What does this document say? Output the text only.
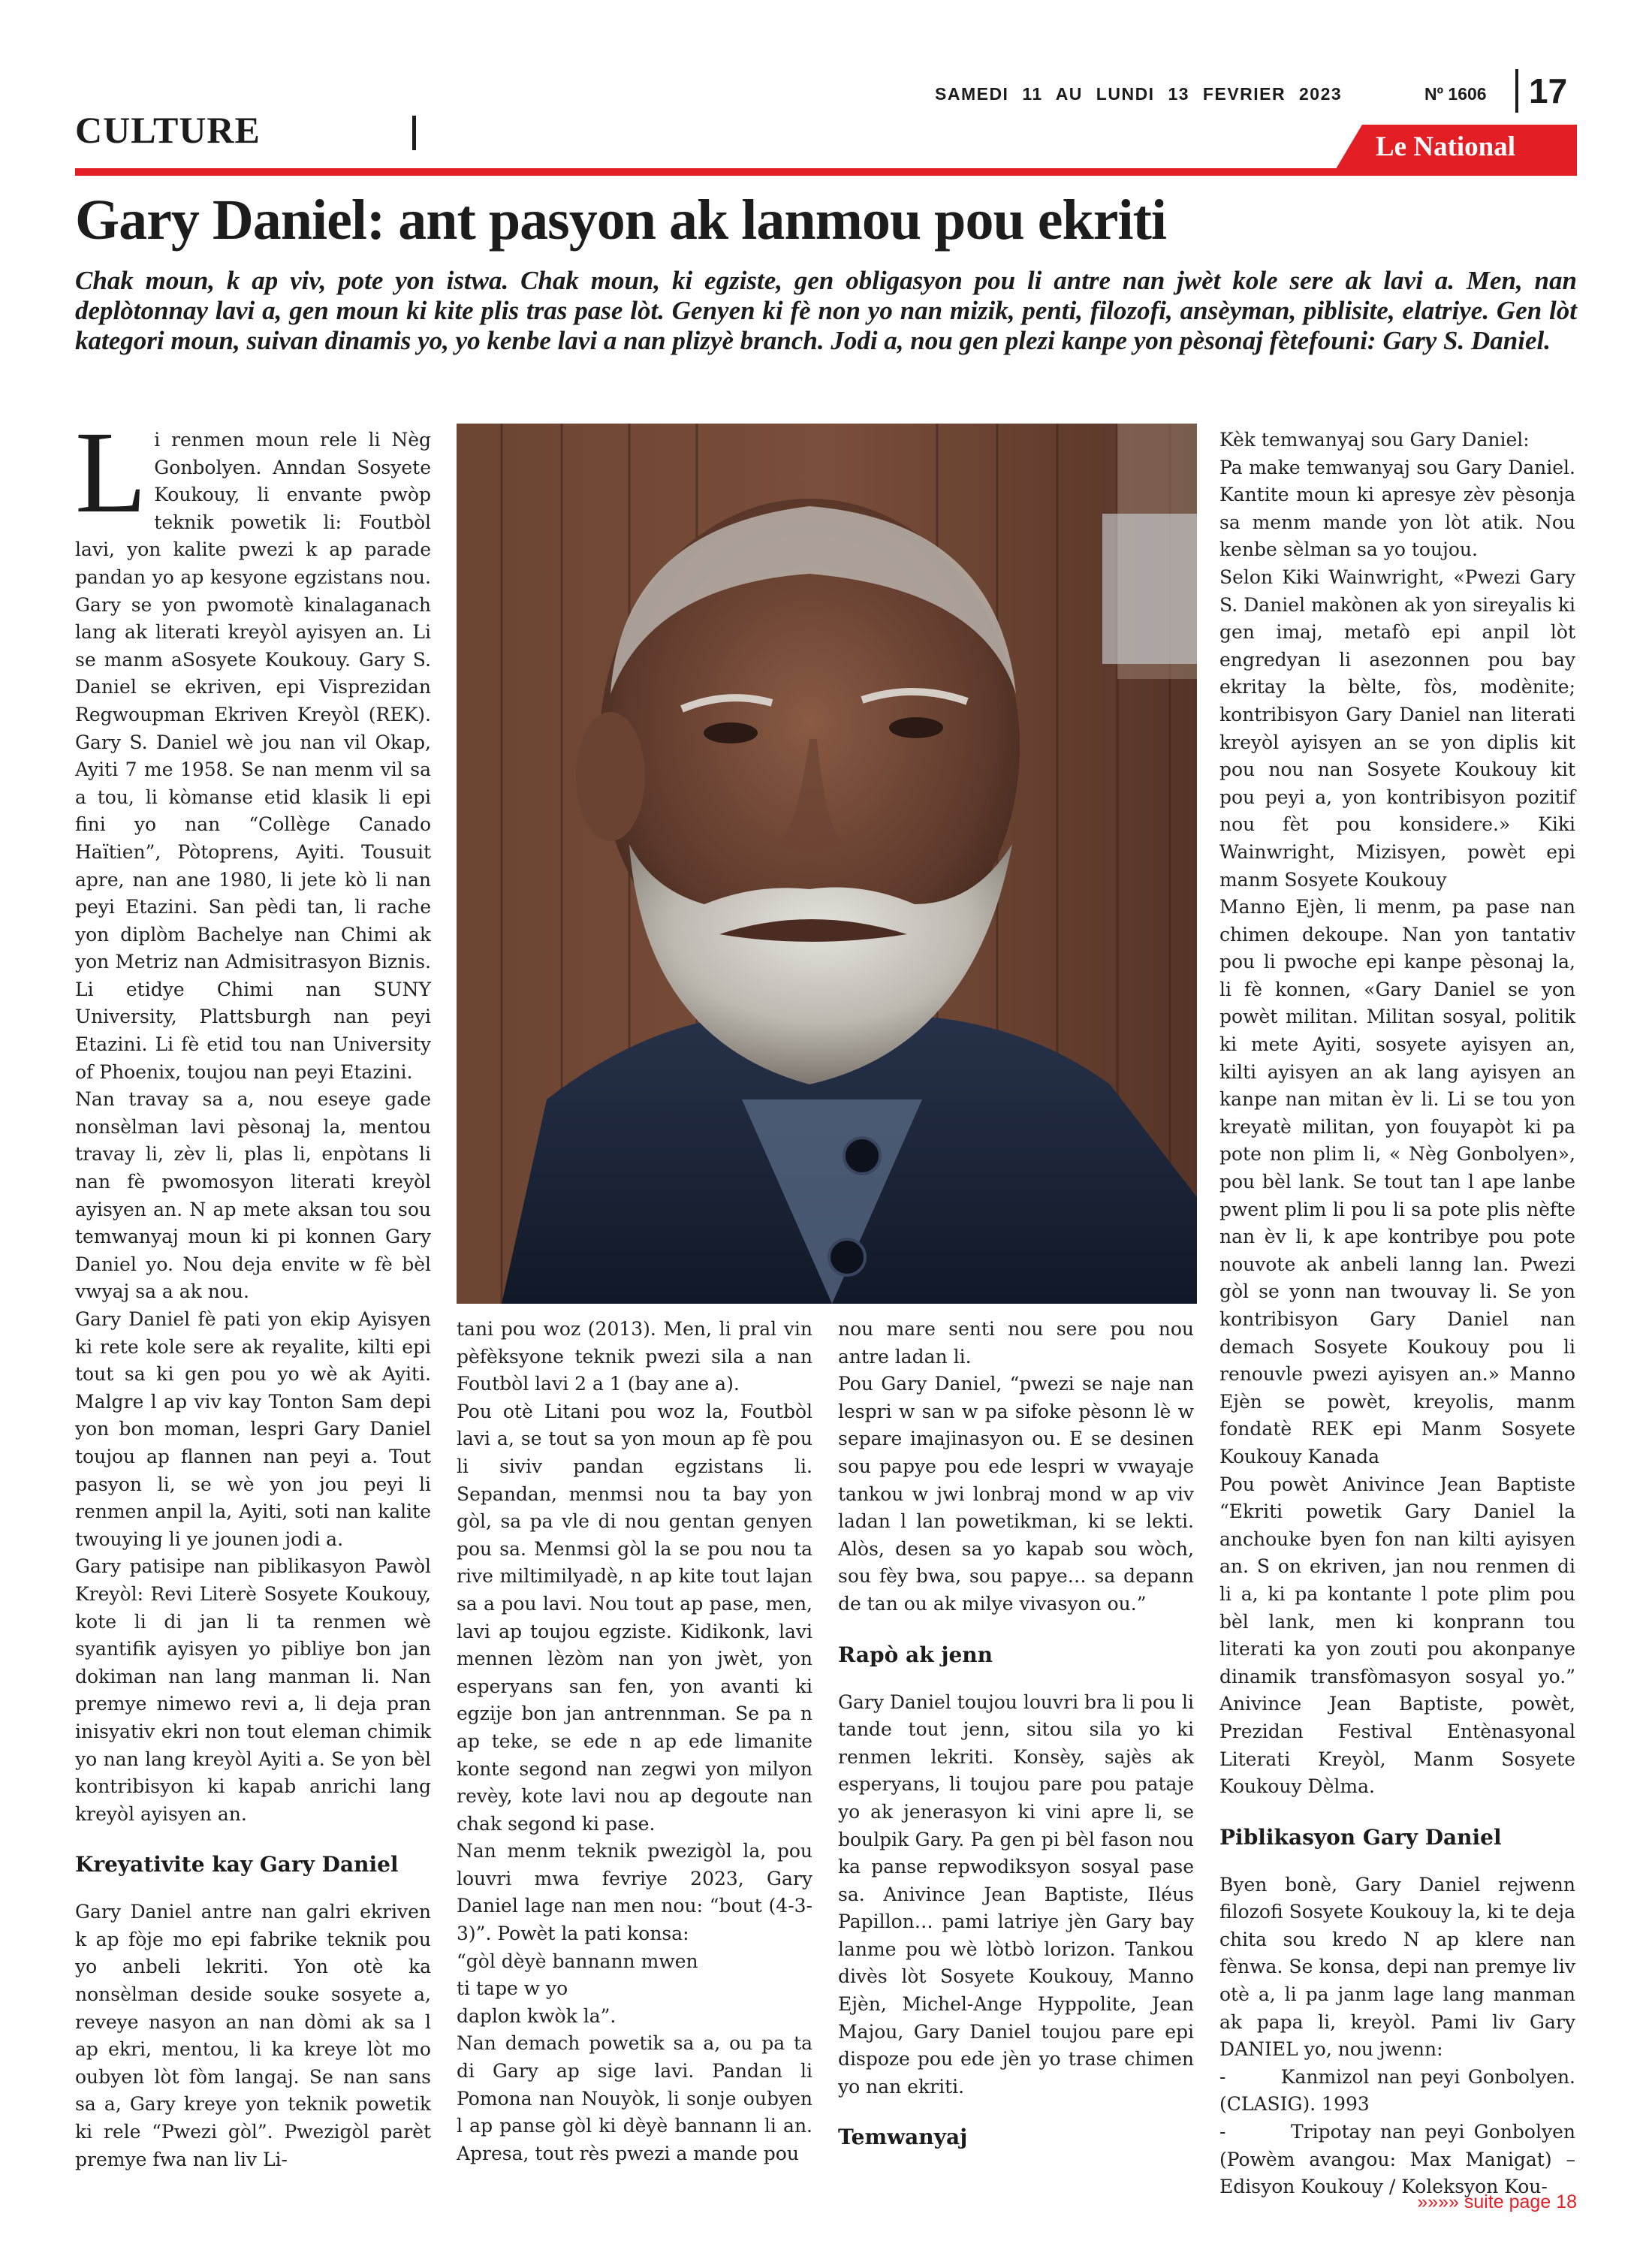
SAMEDI 11 AU LUNDI 13 FEVRIER 2023	Nº 1606 17
CULTURE	Le National
Gary Daniel: ant pasyon ak lanmou pou ekriti

Chak moun, k ap viv, pote yon istwa. Chak moun, ki egziste, gen obligasyon pou li antre nan jwèt kole sere ak lavi a. Men, nan deplòtonnay lavi a, gen moun ki kite plis tras pase lòt. Genyen ki fè non yo nan mizik, penti, filozofi, ansèyman, piblisite, elatriye. Gen lòt kategori moun, suivan dinamis yo, yo kenbe lavi a nan plizyè branch. Jodi a, nou gen plezi kanpe yon pèsonaj fètefouni: Gary S. Daniel.

Li renmen moun rele li Nèg Gonbolyen. Anndan Sosyete Koukouy, li envante pwòp teknik powetik li: Foutbòl lavi, yon kalite pwezi k ap parade pandan yo ap kesyone egzistans nou. Gary se yon pwomotè kinalaganach lang ak literati kreyòl ayisyen an. Li se manm aSosyete Koukouy. Gary S. Daniel se ekriven, epi Visprezidan Regwoupman Ekriven Kreyòl (REK). Gary S. Daniel wè jou nan vil Okap, Ayiti 7 me 1958. Se nan menm vil sa a tou, li kòmanse etid klasik li epi fini yo nan “Collège Canado Haïtien”, Pòtoprens, Ayiti. Tousuit apre, nan ane 1980, li jete kò li nan peyi Etazini. San pèdi tan, li rache yon diplòm Bachelye nan Chimi ak yon Metriz nan Admisitrasyon Biznis. Li etidye Chimi nan SUNY University, Plattsburgh nan peyi Etazini. Li fè etid tou nan University of Phoenix, toujou nan peyi Etazini.

Nan travay sa a, nou eseye gade nonsèlman lavi pèsonaj la, mentou travay li, zèv li, plas li, enpòtans li nan fè pwomosyon literati kreyòl ayisyen an. N ap mete aksan tou sou temwanyaj moun ki pi konnen Gary Daniel yo. Nou deja envite w fè bèl vwyaj sa a ak nou.

Gary Daniel fè pati yon ekip Ayisyen ki rete kole sere ak reyalite, kilti epi tout sa ki gen pou yo wè ak Ayiti. Malgre l ap viv kay Tonton Sam depi yon bon moman, lespri Gary Daniel toujou ap flannen nan peyi a. Tout pasyon li, se wè yon jou peyi li renmen anpil la, Ayiti, soti nan kalite twouying li ye jounen jodi a.

Gary patisipe nan piblikasyon Pawòl Kreyòl: Revi Literè Sosyete Koukouy, kote li di jan li ta renmen wè syantifik ayisyen yo pibliye bon jan dokiman nan lang manman li. Nan premye nimewo revi a, li deja pran inisyativ ekri non tout eleman chimik yo nan lang kreyòl Ayiti a. Se yon bèl kontribisyon ki kapab anrichi lang kreyòl ayisyen an.

Kreyativite kay Gary Daniel

Gary Daniel antre nan galri ekriven k ap fòje mo epi fabrike teknik pou yo anbeli lekriti. Yon otè ka nonsèlman deside souke sosyete a, reveye nasyon an nan dòmi ak sa l ap ekri, mentou, li ka kreye lòt mo oubyen lòt fòm langaj. Se nan sans sa a, Gary kreye yon teknik powetik ki rele “Pwezi gòl”. Pwezigòl parèt premye fwa nan liv Li-

tani pou woz (2013). Men, li pral vin pèfèksyone teknik pwezi sila a nan Foutbòl lavi 2 a 1 (bay ane a).

Pou otè Litani pou woz la, Foutbòl lavi a, se tout sa yon moun ap fè pou li siviv pandan egzistans li. Sepandan, menmsi nou ta bay yon gòl, sa pa vle di nou gentan genyen pou sa. Menmsi gòl la se pou nou ta rive miltimilyadè, n ap kite tout lajan sa a pou lavi. Nou tout ap pase, men, lavi ap toujou egziste. Kidikonk, lavi mennen lèzòm nan yon jwèt, yon esperyans san fen, yon avanti ki egzije bon jan antrennman. Se pa n ap teke, se ede n ap ede limanite konte segond nan zegwi yon milyon revèy, kote lavi nou ap degoute nan chak segond ki pase.

Nan menm teknik pwezigòl la, pou louvri mwa fevriye 2023, Gary Daniel lage nan men nou: “bout (4-3-3)”. Powèt la pati konsa:

“gòl dèyè bannann mwen

ti tape w yo

daplon kwòk la”.

Nan demach powetik sa a, ou pa ta di Gary ap sige lavi. Pandan li Pomona nan Nouyòk, li sonje oubyen l ap panse gòl ki dèyè bannann li an. Apresa, tout rès pwezi a mande pou

nou mare senti nou sere pou nou antre ladan li.

Pou Gary Daniel, “pwezi se naje nan lespri w san w pa sifoke pèsonn lè w separe imajinasyon ou. E se desinen sou papye pou ede lespri w vwayaje tankou w jwi lonbraj mond w ap viv ladan l lan powetikman, ki se lekti. Alòs, desen sa yo kapab sou wòch, sou fèy bwa, sou papye… sa depann de tan ou ak milye vivasyon ou.”

Rapò ak jenn

Gary Daniel toujou louvri bra li pou li tande tout jenn, sitou sila yo ki renmen lekriti. Konsèy, sajès ak esperyans, li toujou pare pou pataje yo ak jenerasyon ki vini apre li, se boulpik Gary. Pa gen pi bèl fason nou ka panse repwodiksyon sosyal pase sa. Anivince Jean Baptiste, Iléus Papillon… pami latriye jèn Gary bay lanme pou wè lòtbò lorizon. Tankou divès lòt Sosyete Koukouy, Manno Ejèn, Michel-Ange Hyppolite, Jean Majou, Gary Daniel toujou pare epi dispoze pou ede jèn yo trase chimen yo nan ekriti.

Temwanyaj

Kèk temwanyaj sou Gary Daniel:

Pa make temwanyaj sou Gary Daniel. Kantite moun ki apresye zèv pèsonja sa menm mande yon lòt atik. Nou kenbe sèlman sa yo toujou.

Selon Kiki Wainwright, «Pwezi Gary S. Daniel makònen ak yon sireyalis ki gen imaj, metafò epi anpil lòt engredyan li asezonnen pou bay ekritay la bèlte, fòs, modènite; kontribisyon Gary Daniel nan literati kreyòl ayisyen an se yon diplis kit pou nou nan Sosyete Koukouy kit pou peyi a, yon kontribisyon pozitif nou fèt pou konsidere.» Kiki Wainwright, Mizisyen, powèt epi manm Sosyete Koukouy

Manno Ejèn, li menm, pa pase nan chimen dekoupe. Nan yon tantativ pou li pwoche epi kanpe pèsonaj la, li fè konnen, «Gary Daniel se yon powèt militan. Militan sosyal, politik ki mete Ayiti, sosyete ayisyen an, kilti ayisyen an ak lang ayisyen an kanpe nan mitan èv li. Li se tou yon kreyatè militan, yon fouyapòt ki pa pote non plim li, « Nèg Gonbolyen», pou bèl lank. Se tout tan l ape lanbe pwent plim li pou li sa pote plis nèfte nan èv li, k ape kontribye pou pote nouvote ak anbeli lanng lan. Pwezi gòl se yonn nan twouvay li. Se yon kontribisyon Gary Daniel nan demach Sosyete Koukouy pou li renouvle pwezi ayisyen an.» Manno Ejèn se powèt, kreyolis, manm fondatè REK epi Manm Sosyete Koukouy Kanada

Pou powèt Anivince Jean Baptiste “Ekriti powetik Gary Daniel la anchouke byen fon nan kilti ayisyen an. S on ekriven, jan nou renmen di li a, ki pa kontante l pote plim pou bèl lank, men ki konprann tou literati ka yon zouti pou akonpanye dinamik transfòmasyon sosyal yo.” Anivince Jean Baptiste, powèt, Prezidan Festival Entènasyonal Literati Kreyòl, Manm Sosyete Koukouy Dèlma.

Piblikasyon Gary Daniel

Byen bonè, Gary Daniel rejwenn filozofi Sosyete Koukouy la, ki te deja chita sou kredo N ap klere nan fènwa. Se konsa, depi nan premye liv otè a, li pa janm lage lang manman ak papa li, kreyòl. Pami liv Gary DANIEL yo, nou jwenn:

-	Kanmizol nan peyi Gonbolyen. (CLASIG). 1993

-	Tripotay nan peyi Gonbolyen (Powèm avangou: Max Manigat) – Edisyon Koukouy / Koleksyon Kou-

»»»» suite page 18
